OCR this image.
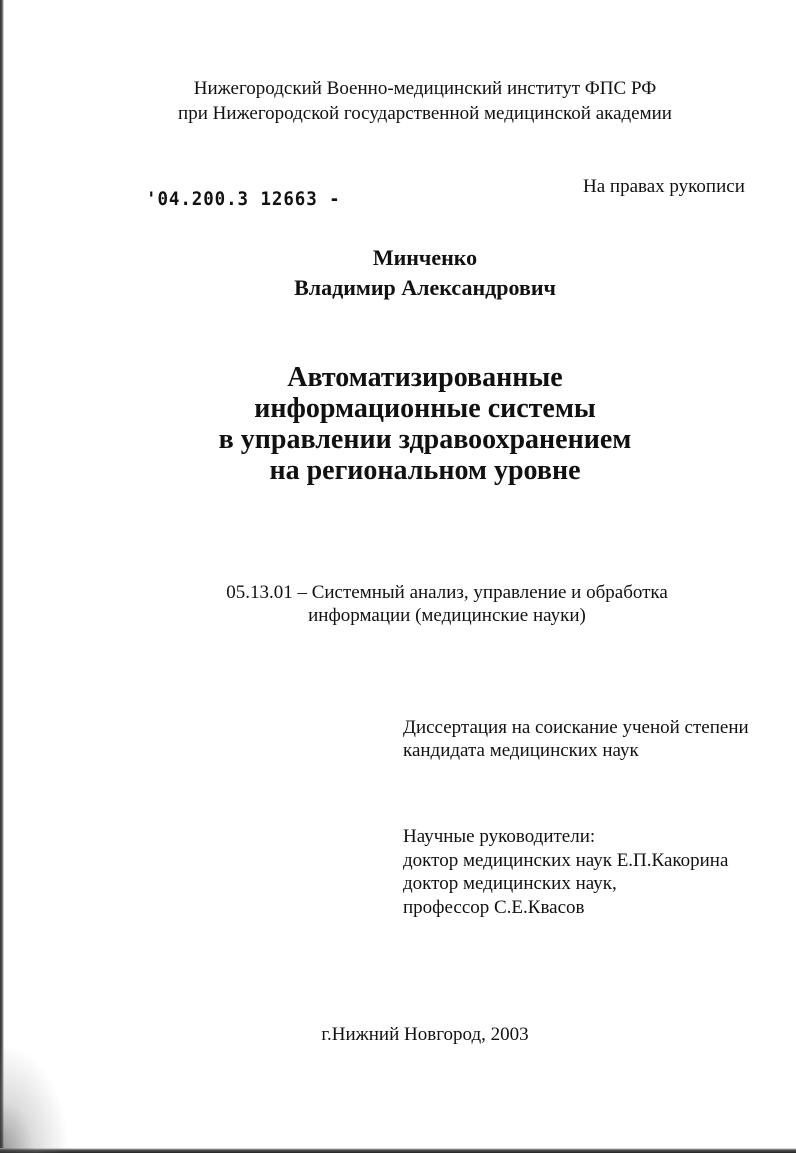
Нижегородский Военно-медицинский институт ФПС РФ
при Нижегородской государственной медицинской академии
'04.200.3 12663 -
На правах рукописи
Минченко
Владимир Александрович
Автоматизированные
информационные системы
в управлении здравоохранением
на региональном уровне
05.13.01 – Системный анализ, управление и обработка
информации (медицинские науки)
Диссертация на соискание ученой степени
кандидата медицинских наук
Научные руководители:
доктор медицинских наук Е.П.Какорина
доктор медицинских наук,
профессор С.Е.Квасов
г.Нижний Новгород, 2003
